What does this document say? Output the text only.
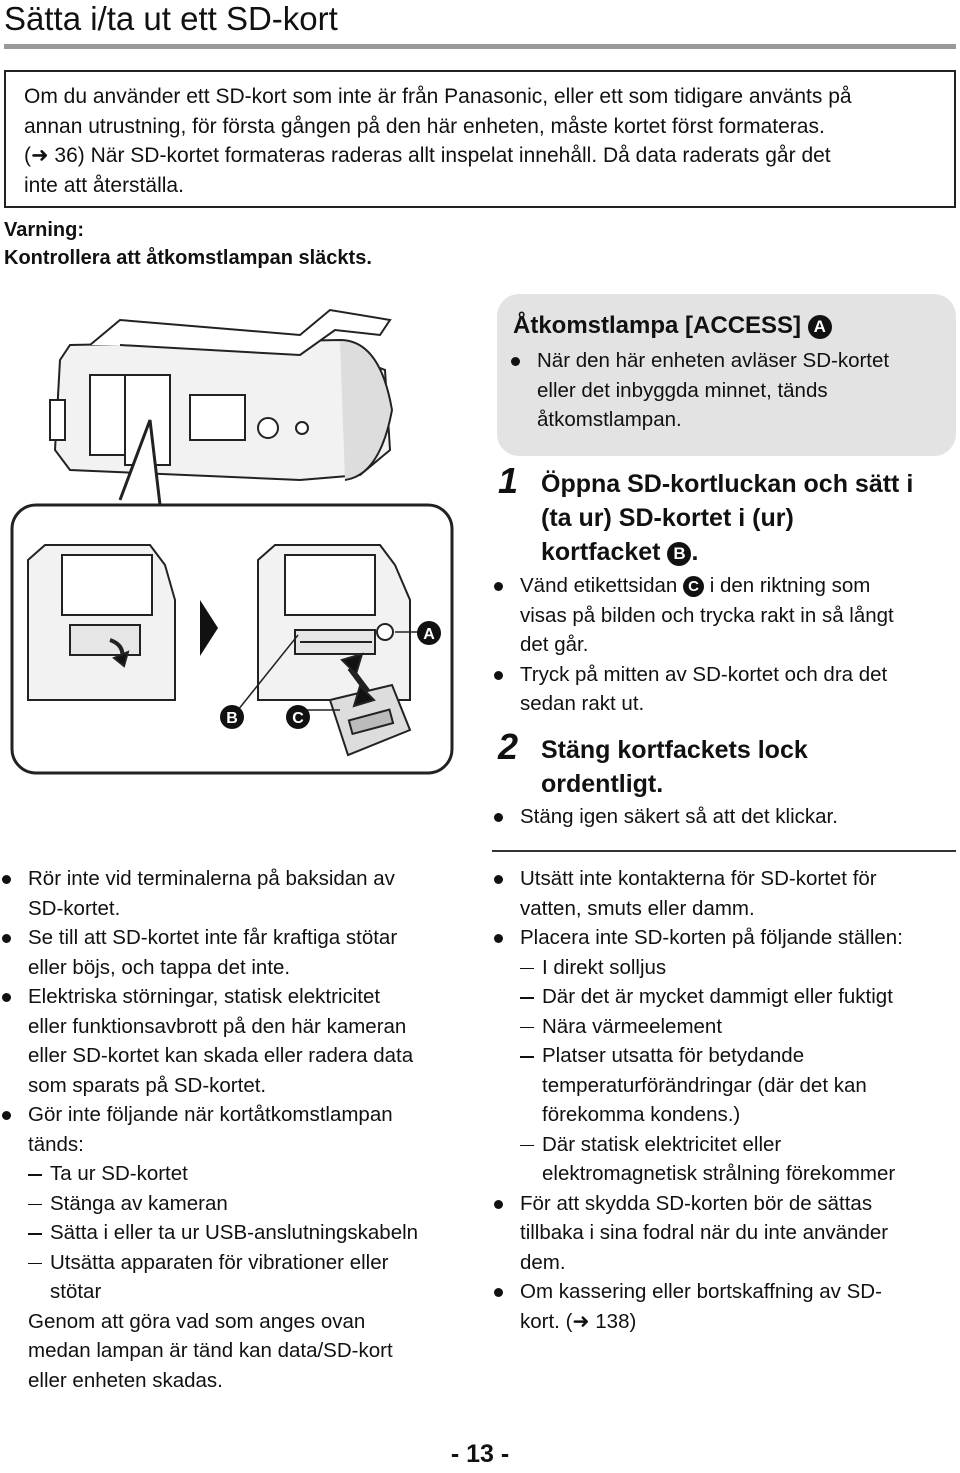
Sätta i/ta ut ett SD-kort
Om du använder ett SD-kort som inte är från Panasonic, eller ett som tidigare använts på
annan utrustning, för första gången på den här enheten, måste kortet först formateras.
(➜ 36) När SD-kortet formateras raderas allt inspelat innehåll. Då data raderats går det
inte att återställa.
Varning:
Kontrollera att åtkomstlampan släckts.
Åtkomstlampa [ACCESS] A
När den här enheten avläser SD-kortet
eller det inbyggda minnet, tänds
åtkomstlampan.
A
B	C
1 Öppna SD-kortluckan och sätt i
(ta ur) SD-kortet i (ur)
kortfacket B .
Vänd etikettsidan C i den riktning som
visas på bilden och trycka rakt in så långt
det går.
Tryck på mitten av SD-kortet och dra det
sedan rakt ut.
2 Stäng kortfackets lock
ordentligt.
Stäng igen säkert så att det klickar.
Rör inte vid terminalerna på baksidan av
SD-kortet.
Se till att SD-kortet inte får kraftiga stötar
eller böjs, och tappa det inte.
Elektriska störningar, statisk elektricitet
eller funktionsavbrott på den här kameran
eller SD-kortet kan skada eller radera data
som sparats på SD-kortet.
Gör inte följande när kortåtkomstlampan
tänds:
Ta ur SD-kortet
Stänga av kameran
Sätta i eller ta ur USB-anslutningskabeln
Utsätta apparaten för vibrationer eller
stötar
Genom att göra vad som anges ovan
medan lampan är tänd kan data/SD-kort
eller enheten skadas.
Utsätt inte kontakterna för SD-kortet för
vatten, smuts eller damm.
Placera inte SD-korten på följande ställen:
I direkt solljus
Där det är mycket dammigt eller fuktigt
Nära värmeelement
Platser utsatta för betydande
temperaturförändringar (där det kan
förekomma kondens.)
Där statisk elektricitet eller
elektromagnetisk strålning förekommer
För att skydda SD-korten bör de sättas
tillbaka i sina fodral när du inte använder
dem.
Om kassering eller bortskaffning av SD-
kort. (➜ 138)
- 13 -
